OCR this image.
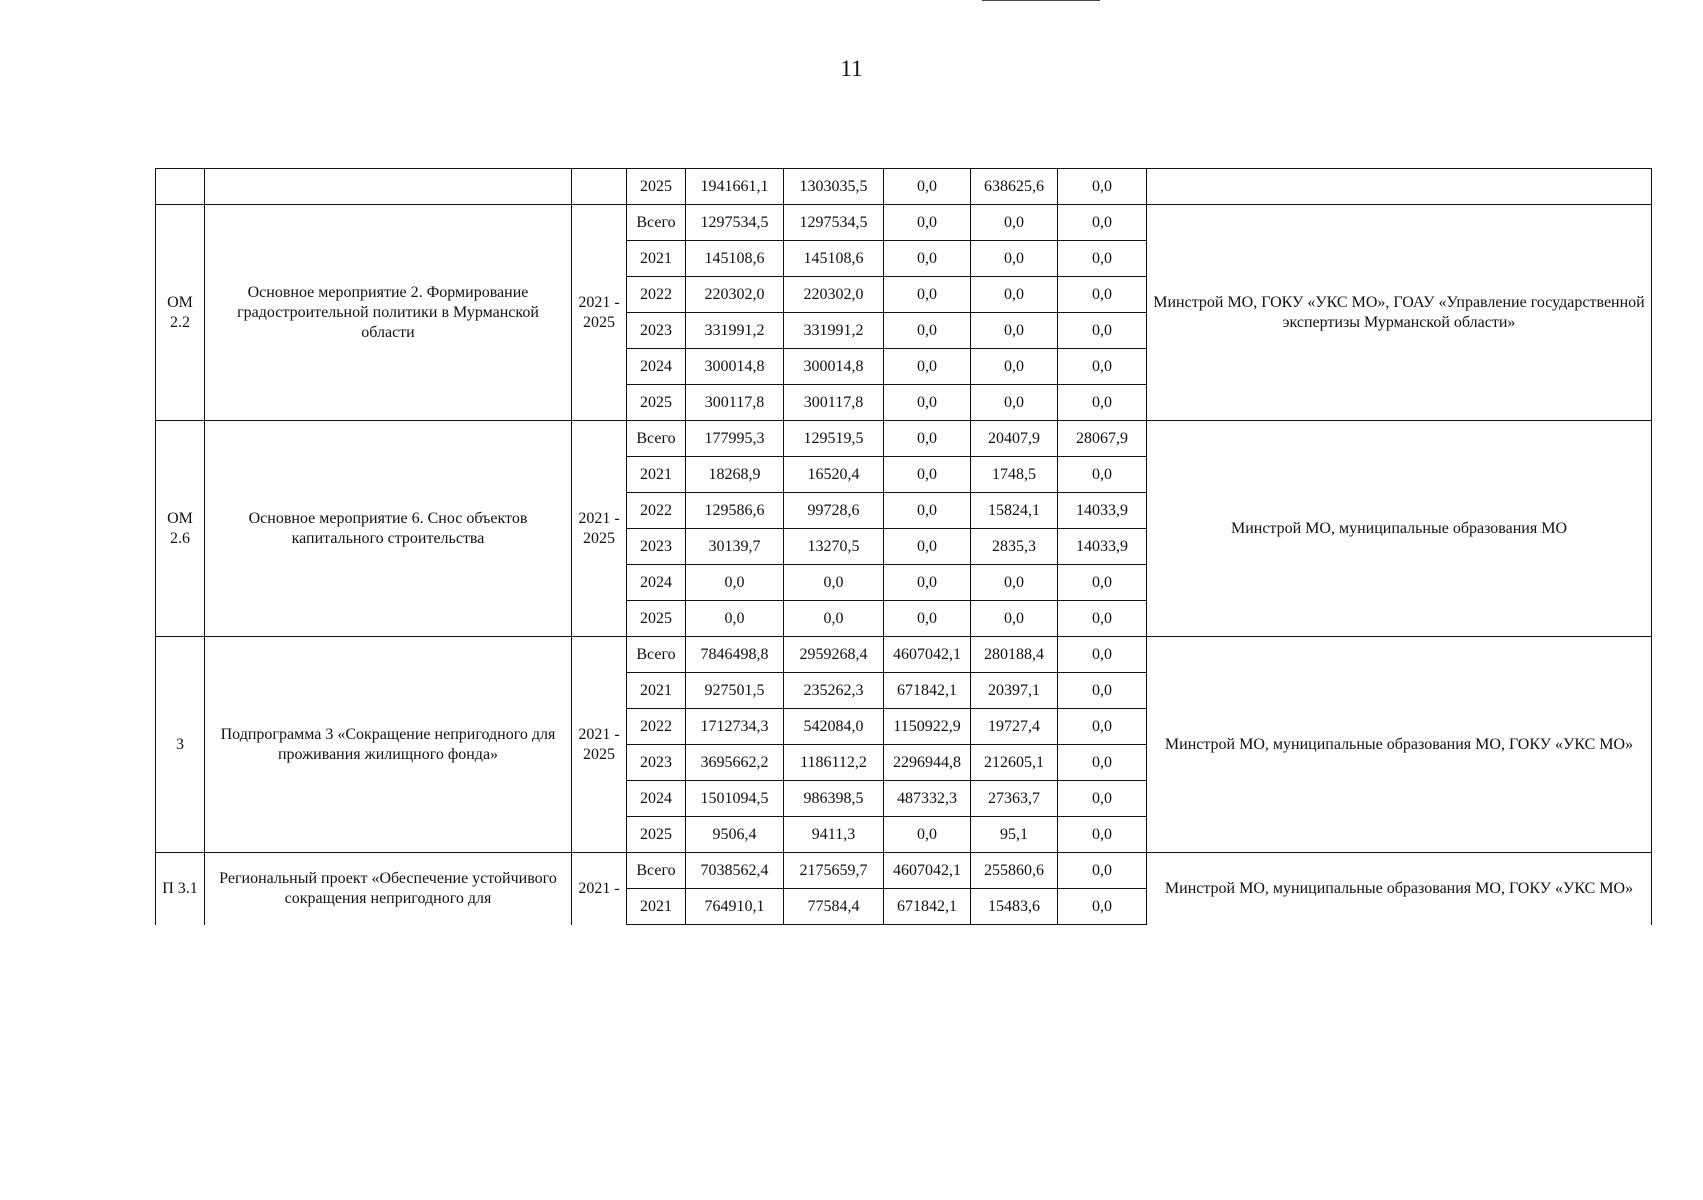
11
			2025	1941661,1	1303035,5	0,0	638625,6	0,0	
ОМ 2.2	Основное мероприятие 2. Формирование градостроительной политики в Мурманской области	2021 - 2025	Всего	1297534,5	1297534,5	0,0	0,0	0,0	Минстрой МО, ГОКУ «УКС МО», ГОАУ «Управление государственной экспертизы Мурманской области»
			2021	145108,6	145108,6	0,0	0,0	0,0	
			2022	220302,0	220302,0	0,0	0,0	0,0	
			2023	331991,2	331991,2	0,0	0,0	0,0	
			2024	300014,8	300014,8	0,0	0,0	0,0	
			2025	300117,8	300117,8	0,0	0,0	0,0	
ОМ 2.6	Основное мероприятие 6. Снос объектов капитального строительства	2021 - 2025	Всего	177995,3	129519,5	0,0	20407,9	28067,9	Минстрой МО, муниципальные образования МО
			2021	18268,9	16520,4	0,0	1748,5	0,0	
			2022	129586,6	99728,6	0,0	15824,1	14033,9	
			2023	30139,7	13270,5	0,0	2835,3	14033,9	
			2024	0,0	0,0	0,0	0,0	0,0	
			2025	0,0	0,0	0,0	0,0	0,0	
3	Подпрограмма 3 «Сокращение непригодного для проживания жилищного фонда»	2021 - 2025	Всего	7846498,8	2959268,4	4607042,1	280188,4	0,0	Минстрой МО, муниципальные образования МО, ГОКУ «УКС МО»
			2021	927501,5	235262,3	671842,1	20397,1	0,0	
			2022	1712734,3	542084,0	1150922,9	19727,4	0,0	
			2023	3695662,2	1186112,2	2296944,8	212605,1	0,0	
			2024	1501094,5	986398,5	487332,3	27363,7	0,0	
			2025	9506,4	9411,3	0,0	95,1	0,0	
П 3.1	Региональный проект «Обеспечение устойчивого сокращения непригодного для	2021 -	Всего	7038562,4	2175659,7	4607042,1	255860,6	0,0	Минстрой МО, муниципальные образования МО, ГОКУ «УКС МО»
			2021	764910,1	77584,4	671842,1	15483,6	0,0	
